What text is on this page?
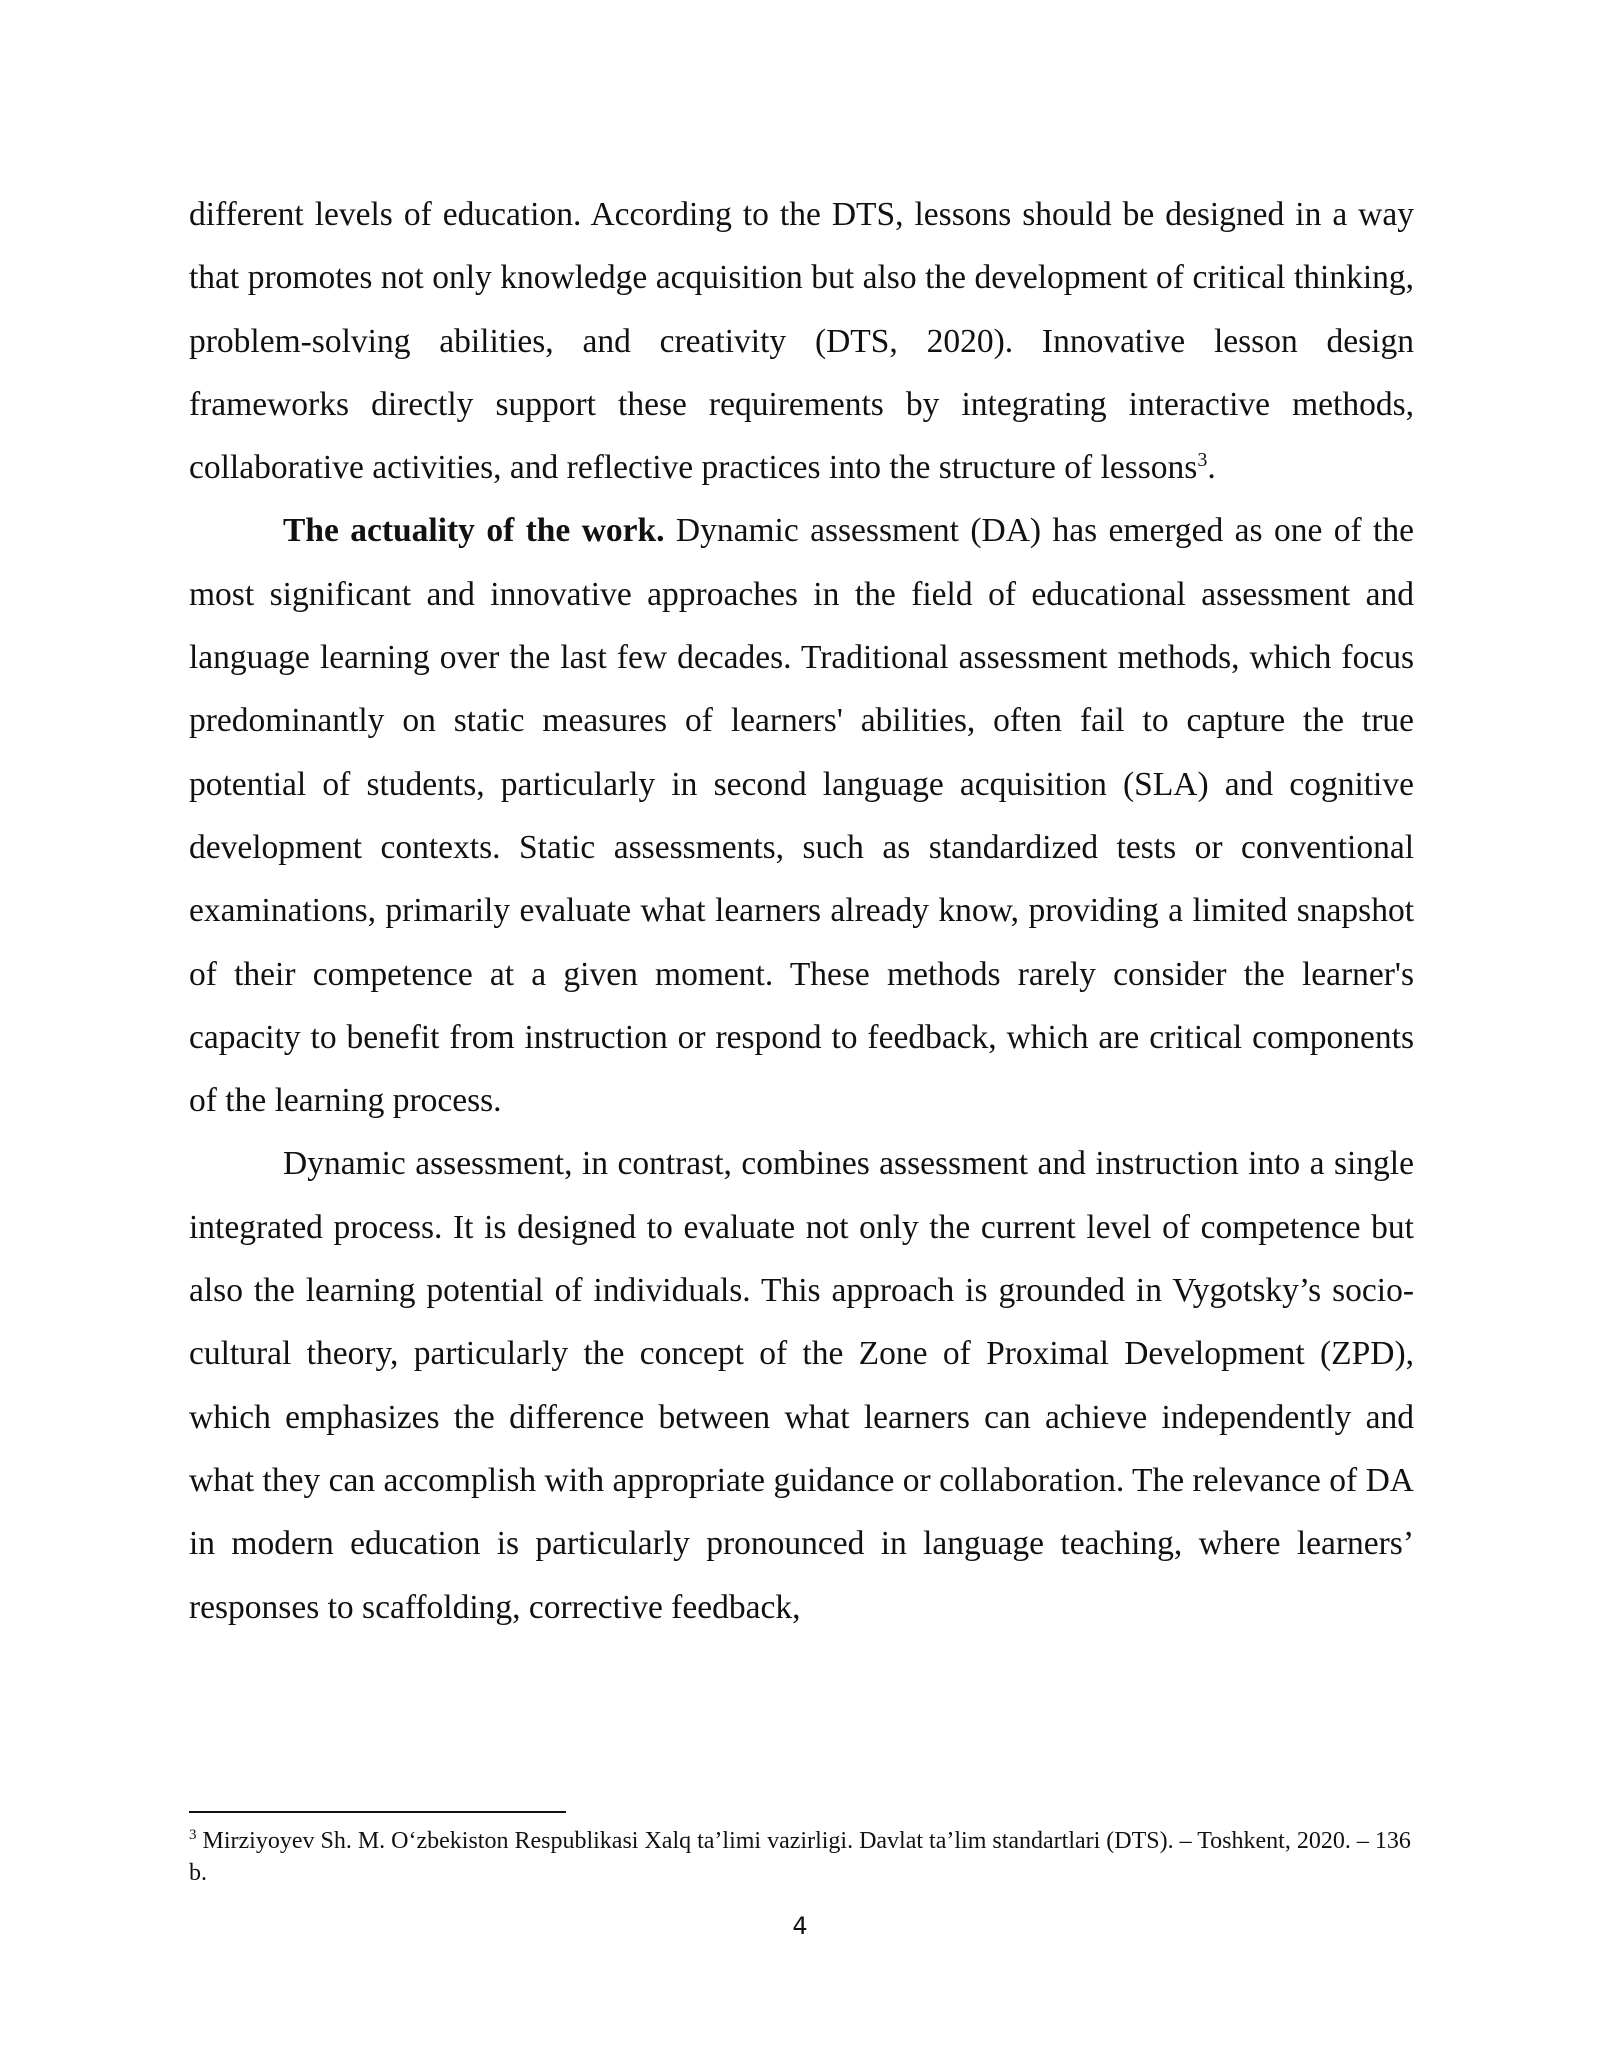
different levels of education. According to the DTS, lessons should be designed in a way that promotes not only knowledge acquisition but also the development of critical thinking, problem-solving abilities, and creativity (DTS, 2020). Innovative lesson design frameworks directly support these requirements by integrating interactive methods, collaborative activities, and reflective practices into the structure of lessons$^3$.

The actuality of the work. Dynamic assessment (DA) has emerged as one of the most significant and innovative approaches in the field of educational assessment and language learning over the last few decades. Traditional assessment methods, which focus predominantly on static measures of learners' abilities, often fail to capture the true potential of students, particularly in second language acquisition (SLA) and cognitive development contexts. Static assessments, such as standardized tests or conventional examinations, primarily evaluate what learners already know, providing a limited snapshot of their competence at a given moment. These methods rarely consider the learner's capacity to benefit from instruction or respond to feedback, which are critical components of the learning process.

Dynamic assessment, in contrast, combines assessment and instruction into a single integrated process. It is designed to evaluate not only the current level of competence but also the learning potential of individuals. This approach is grounded in Vygotsky’s socio-cultural theory, particularly the concept of the Zone of Proximal Development (ZPD), which emphasizes the difference between what learners can achieve independently and what they can accomplish with appropriate guidance or collaboration. The relevance of DA in modern education is particularly pronounced in language teaching, where learners’ responses to scaffolding, corrective feedback,

$^3$ Mirziyoyev Sh. M. O‘zbekiston Respublikasi Xalq ta’limi vazirligi. Davlat ta’lim standartlari (DTS). – Toshkent, 2020. – 136 b.

4
